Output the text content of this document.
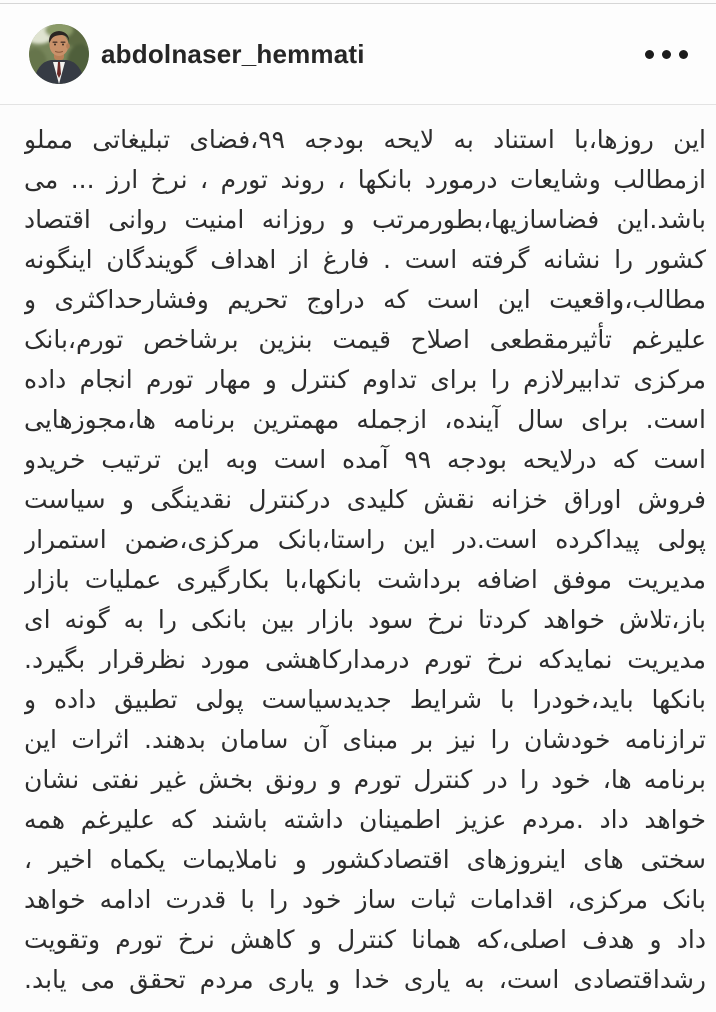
abdolnaser_hemmati
این روزها،با استناد به لایحه بودجه ۹۹،فضای تبلیغاتی مملو
ازمطالب وشایعات درمورد بانکها ، روند تورم ، نرخ ارز ... می
باشد.این فضاسازیها،بطورمرتب و روزانه امنیت روانی اقتصاد
کشور را نشانه گرفته است . فارغ از اهداف گویندگان اینگونه
مطالب،واقعیت این است که دراوج تحریم وفشارحداکثری و
علیرغم تأثیرمقطعی اصلاح قیمت بنزین برشاخص تورم،بانک
مرکزی تدابیرلازم را برای تداوم کنترل و مهار تورم انجام داده
است. برای سال آینده، ازجمله مهمترین برنامه ها،مجوزهایی
است که درلایحه بودجه ۹۹ آمده است وبه این ترتیب خریدو
فروش اوراق خزانه نقش کلیدی درکنترل نقدینگی و سیاست
پولی پیداکرده است.در این راستا،بانک مرکزی،ضمن استمرار
مدیریت موفق اضافه برداشت بانکها،با بکارگیری عملیات بازار
باز،تلاش خواهد کردتا نرخ سود بازار بین بانکی را به گونه ای
مدیریت نمایدکه نرخ تورم درمدارکاهشی مورد نظرقرار بگیرد.
بانکها باید،خودرا با شرایط جدیدسیاست پولی تطبیق داده و
ترازنامه خودشان را نیز بر مبنای آن سامان بدهند. اثرات این
برنامه ها، خود را در کنترل تورم و رونق بخش غیر نفتی نشان
خواهد داد .مردم عزیز اطمینان داشته باشند که علیرغم همه
سختی های اینروزهای اقتصادکشور و ناملایمات یکماه اخیر ،
بانک مرکزی، اقدامات ثبات ساز خود را با قدرت ادامه خواهد
داد و هدف اصلی،که همانا کنترل و کاهش نرخ تورم وتقویت
رشداقتصادی است، به یاری خدا و یاری مردم تحقق می یابد.
